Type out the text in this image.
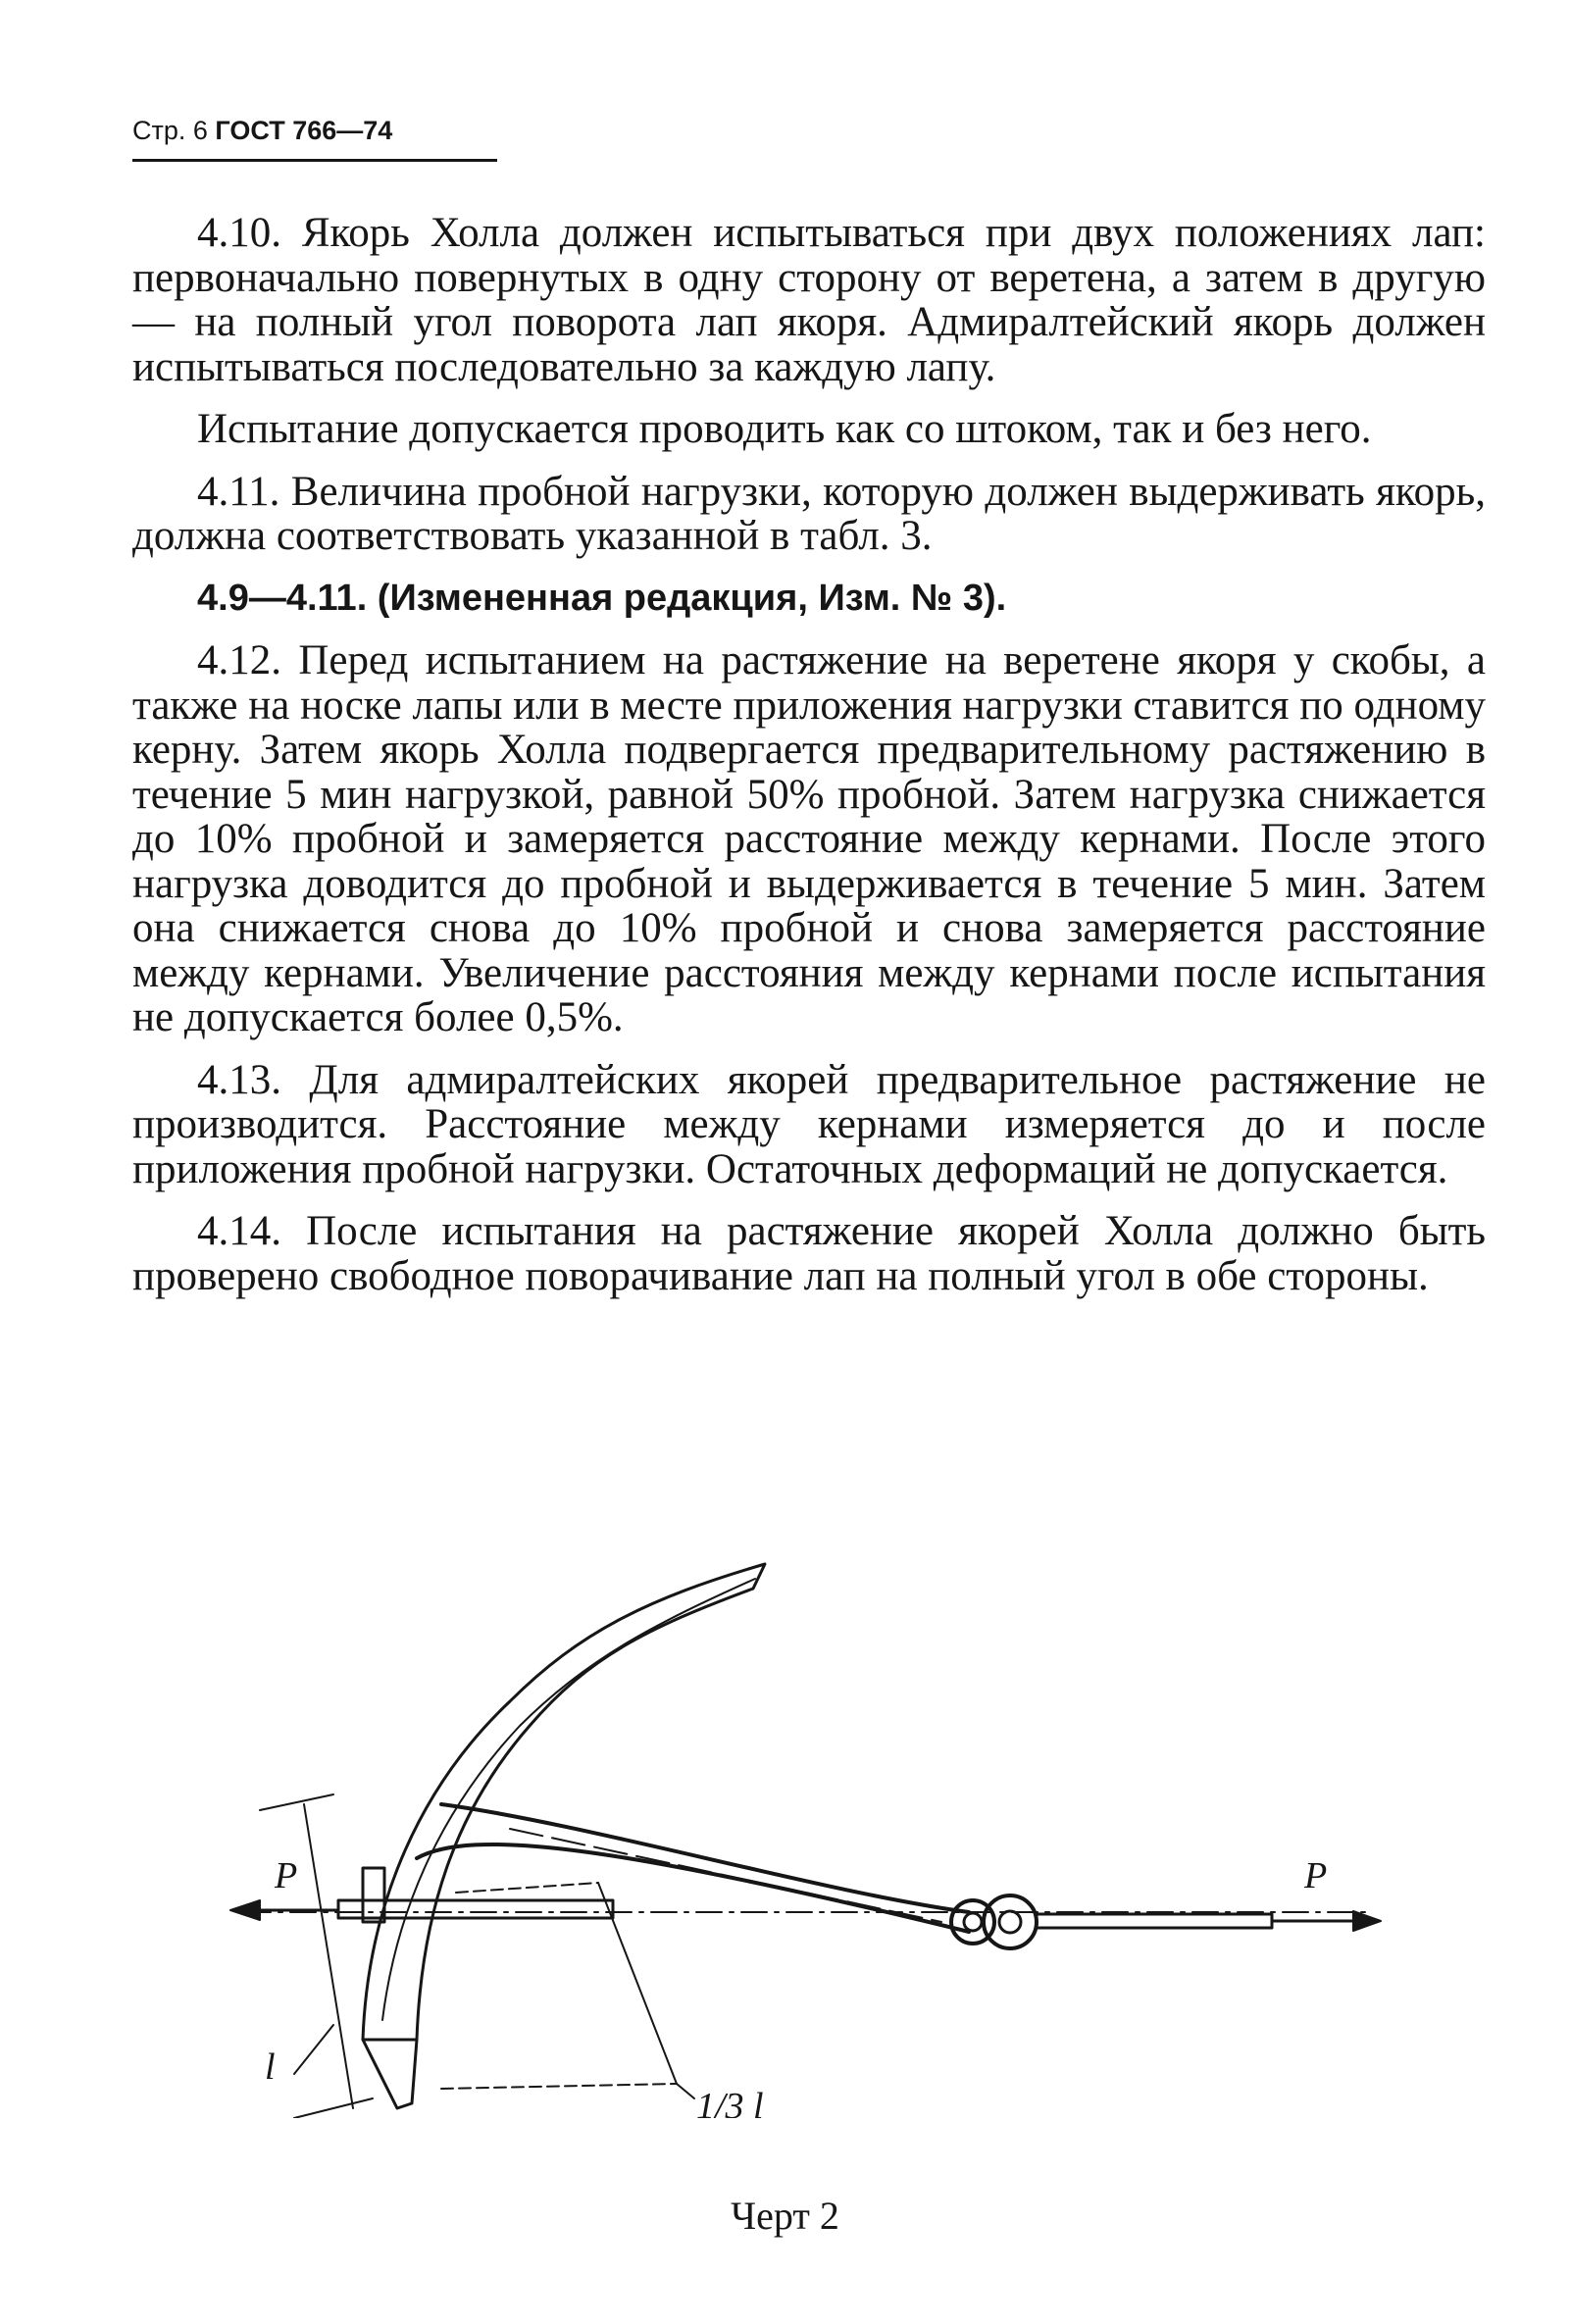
Стр. 6 ГОСТ 766—74

4.10. Якорь Холла должен испытываться при двух положениях лап: первоначально повернутых в одну сторону от веретена, а затем в другую — на полный угол поворота лап якоря. Адмиралтейский якорь должен испытываться последовательно за каждую лапу.

Испытание допускается проводить как со штоком, так и без него.

4.11. Величина пробной нагрузки, которую должен выдерживать якорь, должна соответствовать указанной в табл. 3.

4.9—4.11. (Измененная редакция, Изм. № 3).

4.12. Перед испытанием на растяжение на веретене якоря у скобы, а также на носке лапы или в месте приложения нагрузки ставится по одному керну. Затем якорь Холла подвергается предварительному растяжению в течение 5 мин нагрузкой, равной 50% пробной. Затем нагрузка снижается до 10% пробной и замеряется расстояние между кернами. После этого нагрузка доводится до пробной и выдерживается в течение 5 мин. Затем она снижается снова до 10% пробной и снова замеряется расстояние между кернами. Увеличение расстояния между кернами после испытания не допускается более 0,5%.

4.13. Для адмиралтейских якорей предварительное растяжение не производится. Расстояние между кернами измеряется до и после приложения пробной нагрузки. Остаточных деформаций не допускается.

4.14. После испытания на растяжение якорей Холла должно быть проверено свободное поворачивание лап на полный угол в обе стороны.

P	P
l
1/3 l
Черт 2
